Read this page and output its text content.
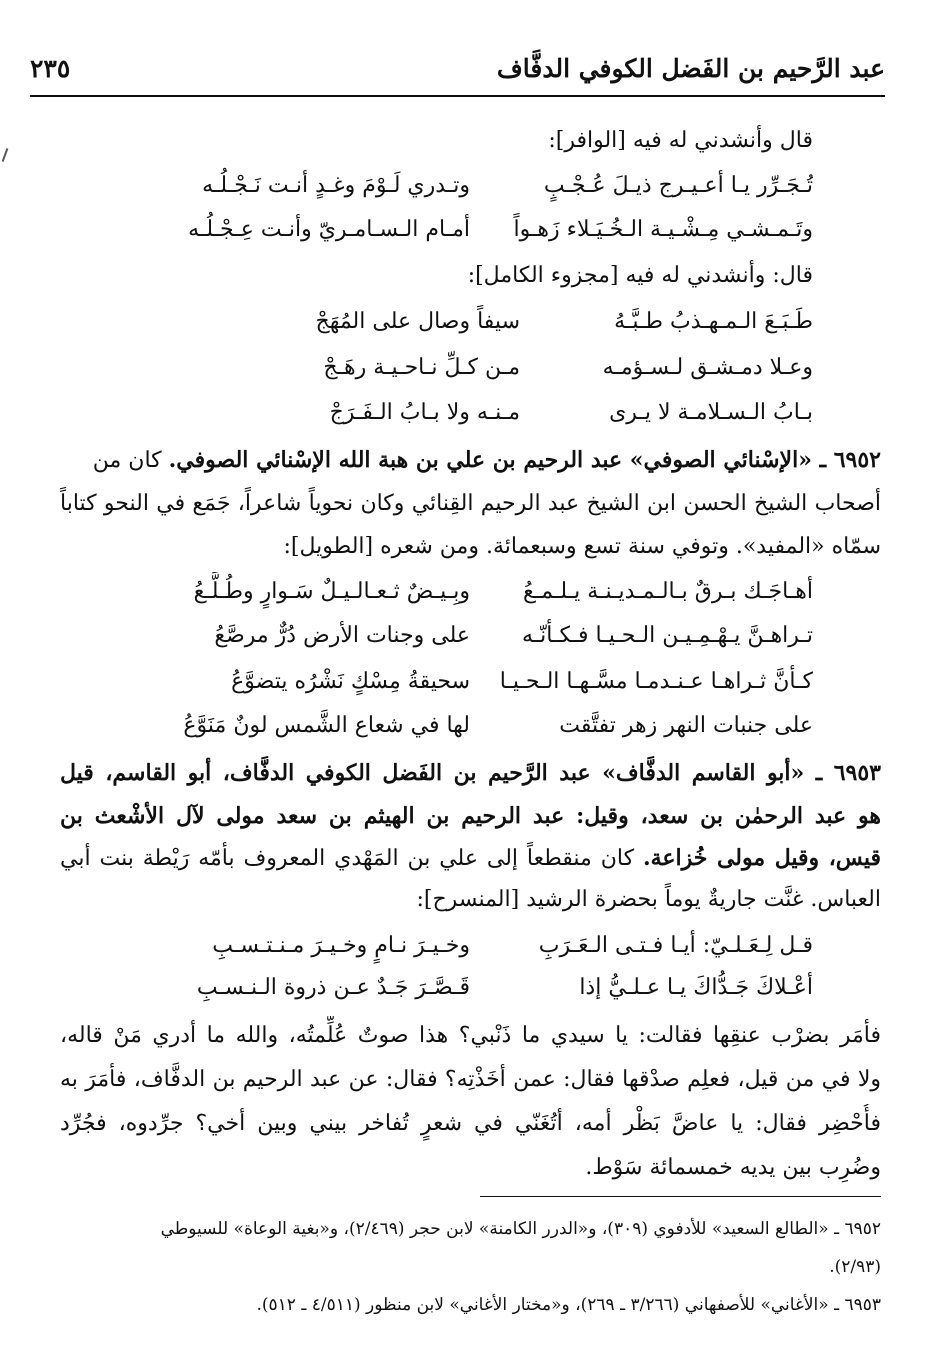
عبد الرَّحيم بن الفَضل الكوفي الدفَّاف
٢٣٥
قال وأنشدني له فيه [الوافر]:
تُـجَـرِّر يـا أعـيـرج ذيـلَ عُـجْـبٍ
وتـدري لَـوْمَ وغـدٍ أنـت نَـجْـلُـه
وتَـمـشـي مِـشْـيـة الـخُـيَـلاء زَهـواً
أمـام الـسـامـريّ وأنـت عِـجْـلُـه
قال: وأنشدني له فيه [مجزوء الكامل]:
طَـبَـعَ الـمـهـذبُ طـبَّـهُ
سيفاً وصال على المُهَجْ
وعـلا دمـشـق لـسـؤمـه
مـن كـلِّ نـاحـيـة رهَـجْ
بـابُ الـسـلامـة لا يـرى
مـنـه ولا بـابُ الـفَـرَجْ
٦٩٥٢ ـ «الإسْنائي الصوفي» عبد الرحيم بن علي بن هبة الله الإسْنائي الصوفي. كان من
أصحاب الشيخ الحسن ابن الشيخ عبد الرحيم القِنائي وكان نحوياً شاعراً، جَمَع في النحو كتاباً
سمّاه «المفيد». وتوفي سنة تسع وسبعمائة. ومن شعره [الطويل]:
أهـاجَـك بـرقٌ بـالـمـديـنـة يـلـمـعُ
وبِـيـضٌ ثـعـالـيـلٌ سَـوارٍ وطُـلَّـعُ
تـراهـنَّ يـهْـمِـيـن الـحـيـا فـكـأنّـه
على وجنات الأرض دُرٌّ مرصَّعُ
كـأنَّ ثـراهـا عـنـدمـا مسَّـهـا الـحـيـا
سحيقةُ مِسْكٍ نَشْرُه يتضوَّعُ
على جنبات النهر زهر تفتَّقت
لها في شعاع الشَّمس لونٌ مَنَوَّعُ
٦٩٥٣ ـ «أبو القاسم الدفَّاف» عبد الرَّحيم بن الفَضل الكوفي الدفَّاف، أبو القاسم، قيل
هو عبد الرحمٰن بن سعد، وقيل: عبد الرحيم بن الهيثم بن سعد مولى لآل الأشْعث بن
قيس، وقيل مولى خُزاعة. كان منقطعاً إلى علي بن المَهْدي المعروف بأمّه رَيْطة بنت أبي
العباس. غنَّت جاريةٌ يوماً بحضرة الرشيد [المنسرح]:
قـل لِـعَـلـيّ: أيـا فـتـى الـعَـرَبِ
وخـيـرَ نـامٍ وخـيـرَ مـنـتـسـبِ
أعْـلاكَ جَـدُّاكَ يـا عـلـيُّ إذا
قَـصَّـرَ جَـدٌ عـن ذروة الـنـسـبِ
فأمَر بضرْب عنقِها فقالت: يا سيدي ما ذَنْبي؟ هذا صوتٌ عُلِّمتُه، والله ما أدري مَنْ قاله،
ولا في من قيل، فعلِم صدْقها فقال: عمن أخَذْتِه؟ فقال: عن عبد الرحيم بن الدفَّاف، فأمَرَ به
فأُحْضِر فقال: يا عاضَّ بَظْر أمه، أتُغَنّي في شعرٍ تُفاخر بيني وبين أخي؟ جرِّدوه، فجُرِّد
وضُرِب بين يديه خمسمائة سَوْط.
٦٩٥٢ ـ «الطالع السعيد» للأدفوي (٣٠٩)، و«الدرر الكامنة» لابن حجر (٢/٤٦٩)، و«بغية الوعاة» للسيوطي
(٢/٩٣).
٦٩٥٣ ـ «الأغاني» للأصفهاني (٣/٢٦٦ ـ ٢٦٩)، و«مختار الأغاني» لابن منظور (٤/٥١١ ـ ٥١٢).
